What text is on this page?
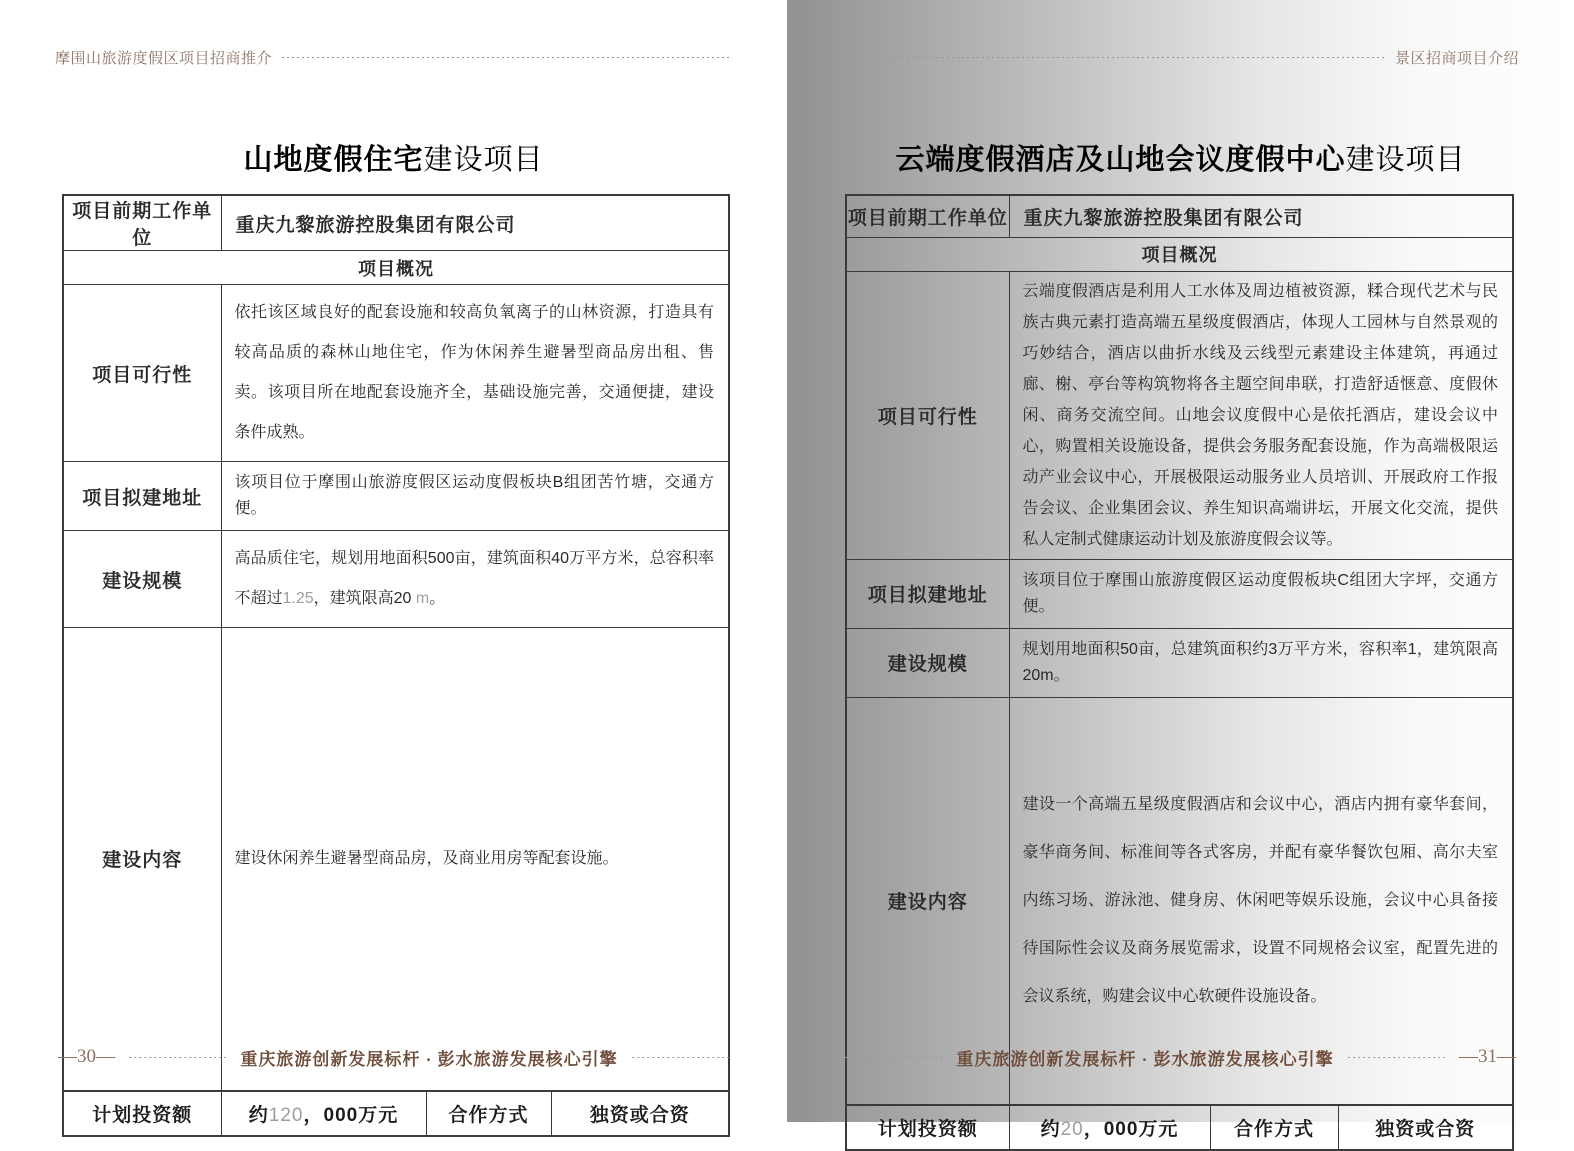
摩围山旅游度假区项目招商推介
山地度假住宅 建设项目
项目前期工作单位	重庆九黎旅游控股集团有限公司		
项目概况			
项目可行性	依托该区域良好的配套设施和较高负氧离子的山林资源，打造具有较高品质的森林山地住宅，作为休闲养生避暑型商品房出租、售卖。该项目所在地配套设施齐全，基础设施完善，交通便捷，建设条件成熟。		
项目拟建地址	该项目位于摩围山旅游度假区运动度假板块B组团苦竹塘，交通方便。		
建设规模	高品质住宅，规划用地面积500亩，建筑面积40万平方米，总容积率不超过1.25，建筑限高20 m。		
建设内容	建设休闲养生避暑型商品房，及商业用房等配套设施。		
计划投资额	约120，000万元	合作方式	独资或合资
—30—	重庆旅游创新发展标杆 · 彭水旅游发展核心引擎
景区招商项目介绍
云端度假酒店及山地会议度假中心 建设项目
项目前期工作单位	重庆九黎旅游控股集团有限公司		
项目概况			
项目可行性	云端度假酒店是利用人工水体及周边植被资源，糅合现代艺术与民族古典元素打造高端五星级度假酒店，体现人工园林与自然景观的巧妙结合，酒店以曲折水线及云线型元素建设主体建筑，再通过廊、榭、亭台等构筑物将各主题空间串联，打造舒适惬意、度假休闲、商务交流空间。山地会议度假中心是依托酒店，建设会议中心，购置相关设施设备，提供会务服务配套设施，作为高端极限运动产业会议中心，开展极限运动服务业人员培训、开展政府工作报告会议、企业集团会议、养生知识高端讲坛，开展文化交流，提供私人定制式健康运动计划及旅游度假会议等。		
项目拟建地址	该项目位于摩围山旅游度假区运动度假板块C组团大字坪，交通方便。		
建设规模	规划用地面积50亩，总建筑面积约3万平方米，容积率1，建筑限高20m。		
建设内容	建设一个高端五星级度假酒店和会议中心，酒店内拥有豪华套间，豪华商务间、标准间等各式客房，并配有豪华餐饮包厢、高尔夫室内练习场、游泳池、健身房、休闲吧等娱乐设施，会议中心具备接待国际性会议及商务展览需求，设置不同规格会议室，配置先进的会议系统，购建会议中心软硬件设施设备。		
计划投资额	约20，000万元	合作方式	独资或合资
重庆旅游创新发展标杆 · 彭水旅游发展核心引擎	—31—
